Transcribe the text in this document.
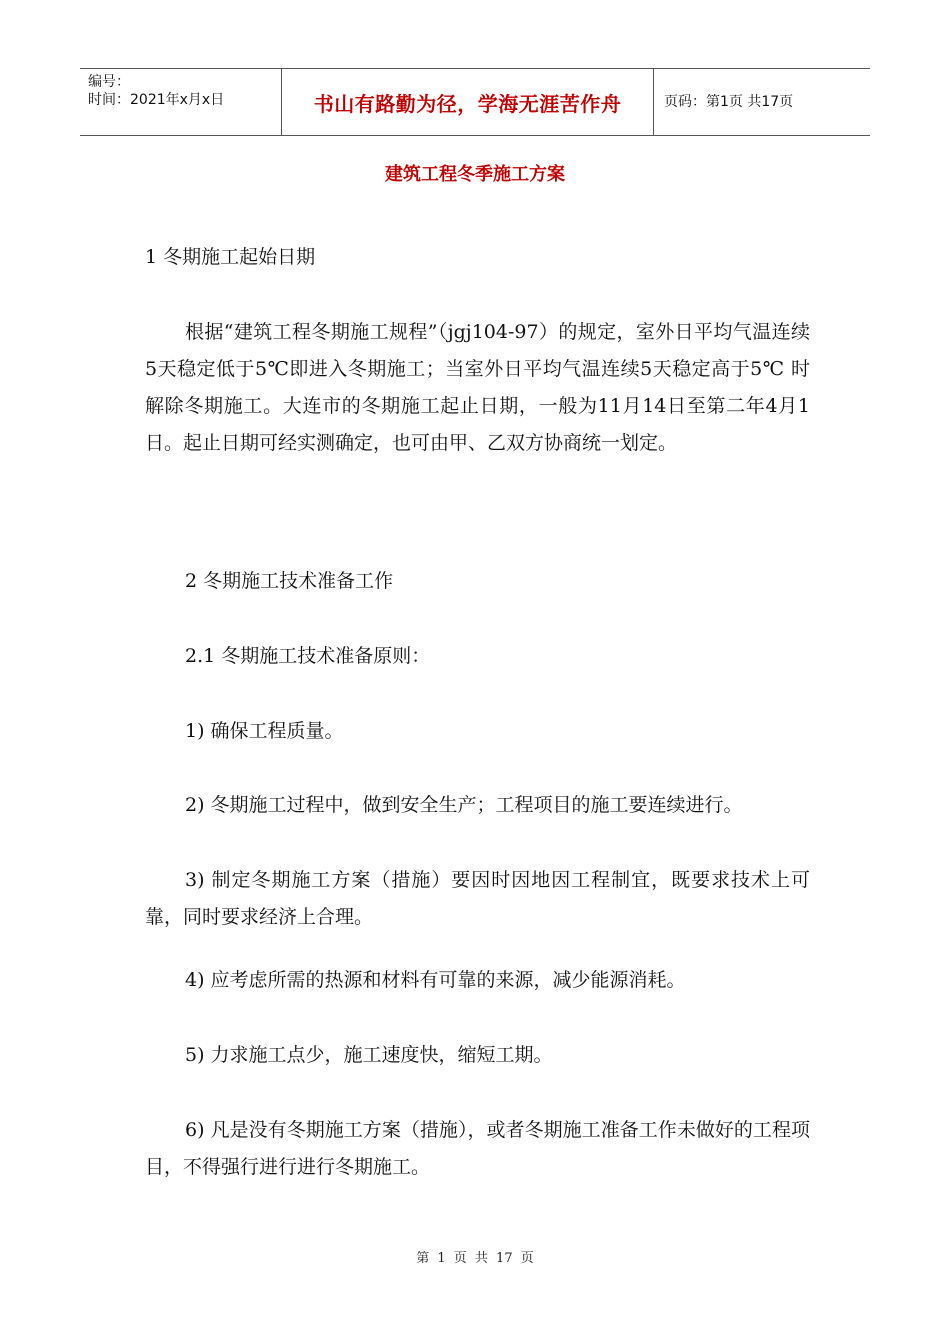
编号：
时间：2021年x月x日	书山有路勤为径，学海无涯苦作舟	页码：第1页 共17页
建筑工程冬季施工方案

1 冬期施工起始日期

根据“建筑工程冬期施工规程”（jgj104-97）的规定，室外日平均气温连续5天稳定低于5℃即进入冬期施工；当室外日平均气温连续5天稳定高于5℃ 时解除冬期施工。大连市的冬期施工起止日期，一般为11月14日至第二年4月1日。起止日期可经实测确定，也可由甲、乙双方协商统一划定。

2 冬期施工技术准备工作

2.1 冬期施工技术准备原则：

1) 确保工程质量。

2) 冬期施工过程中，做到安全生产；工程项目的施工要连续进行。

3) 制定冬期施工方案（措施）要因时因地因工程制宜，既要求技术上可靠，同时要求经济上合理。

4) 应考虑所需的热源和材料有可靠的来源，减少能源消耗。

5) 力求施工点少，施工速度快，缩短工期。

6) 凡是没有冬期施工方案（措施），或者冬期施工准备工作未做好的工程项目，不得强行进行进行冬期施工。

第 1 页 共 17 页
